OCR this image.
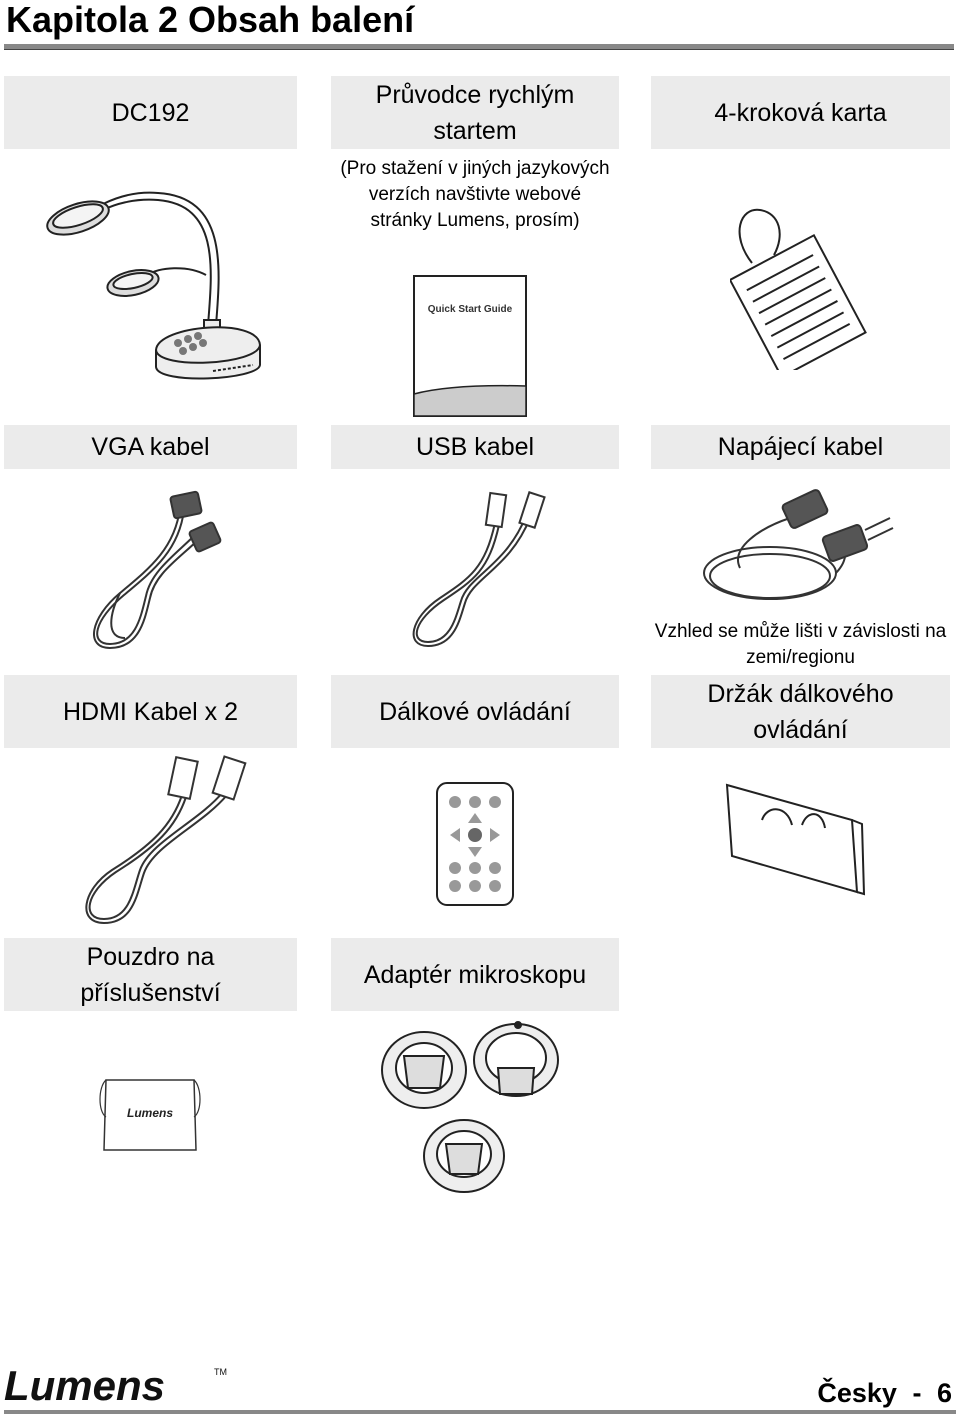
Kapitola 2 Obsah balení
DC192
Průvodce rychlým startem
4-kroková karta
(Pro stažení v jiných jazykových verzích navštivte webové stránky Lumens, prosím)
Quick Start Guide
VGA kabel	USB kabel	Napájecí kabel
Vzhled se může lišti v závislosti na zemi/regionu
HDMI Kabel x 2	Dálkové ovládání
Držák dálkového ovládání
Pouzdro na příslušenství
Adaptér mikroskopu
Lumens
Lumens	TM
Česky - 6
